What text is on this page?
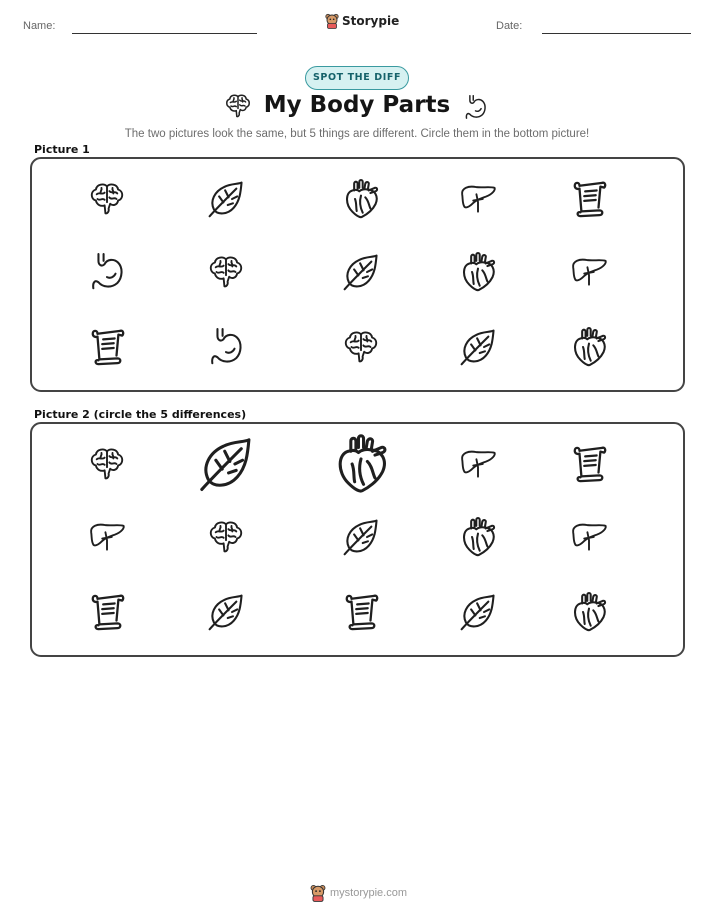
Name:	Storypie	Date:
SPOT THE DIFF
My Body Parts
The two pictures look the same, but 5 things are different. Circle them in the bottom picture!
Picture 1
Picture 2 (circle the 5 differences)
mystorypie.com
